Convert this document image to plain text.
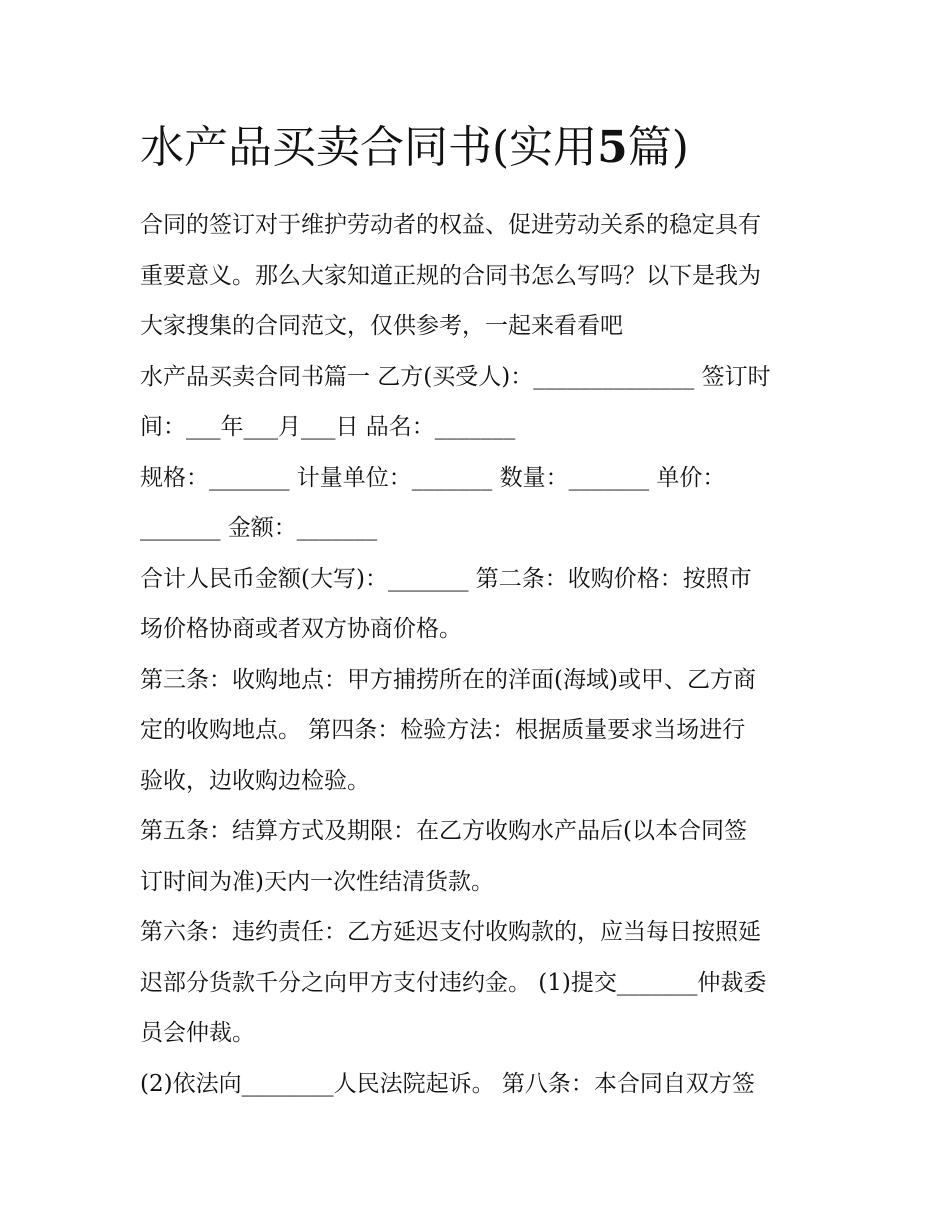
水产品买卖合同书(实用5篇)
合同的签订对于维护劳动者的权益、促进劳动关系的稳定具有
重要意义。那么大家知道正规的合同书怎么写吗？以下是我为
大家搜集的合同范文，仅供参考，一起来看看吧
水产品买卖合同书篇一 乙方(买受人)：______________ 签订时
间：___年___月___日 品名：_______
规格：_______ 计量单位：_______ 数量：_______ 单价：
_______ 金额：_______
合计人民币金额(大写)：_______ 第二条：收购价格：按照市
场价格协商或者双方协商价格。
第三条：收购地点：甲方捕捞所在的洋面(海域)或甲、乙方商
定的收购地点。 第四条：检验方法：根据质量要求当场进行
验收，边收购边检验。
第五条：结算方式及期限：在乙方收购水产品后(以本合同签
订时间为准)天内一次性结清货款。
第六条：违约责任：乙方延迟支付收购款的，应当每日按照延
迟部分货款千分之向甲方支付违约金。 (1)提交_______仲裁委
员会仲裁。
(2)依法向________人民法院起诉。 第八条：本合同自双方签
